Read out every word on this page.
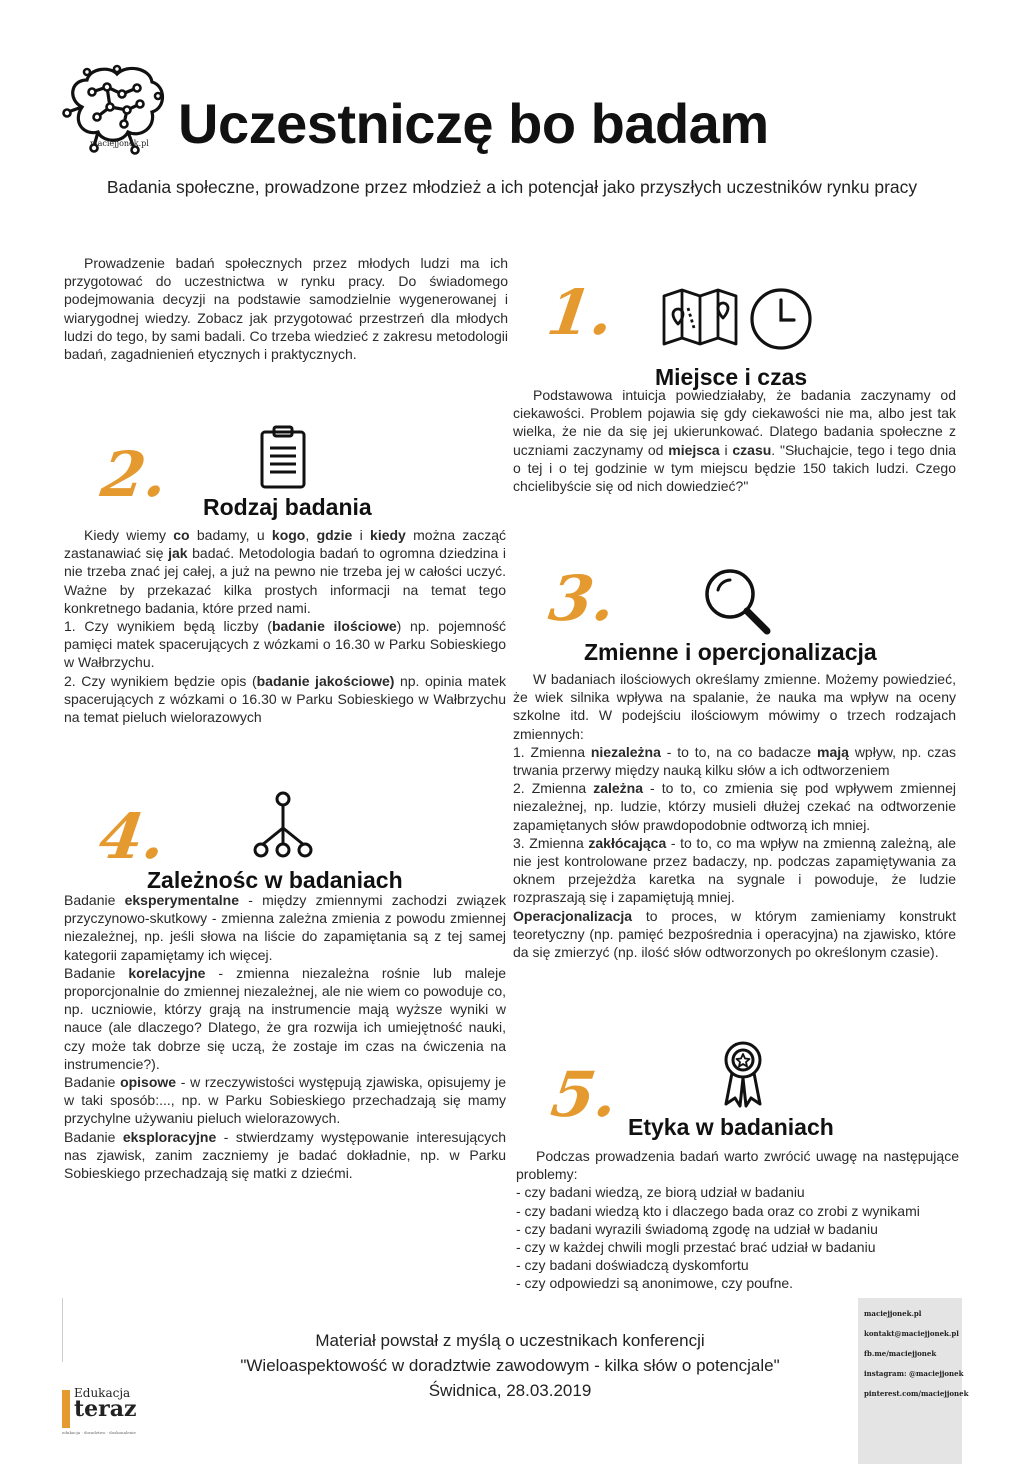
maciejjonek.pl Uczestniczę bo badam
Badania społeczne, prowadzone przez młodzież a ich potencjał jako przyszłych uczestników rynku pracy

Prowadzenie badań społecznych przez młodych ludzi ma ich przygotować do uczestnictwa w rynku pracy. Do świadomego podejmowania decyzji na podstawie samodzielnie wygenerowanej i wiarygodnej wiedzy. Zobacz jak przygotować przestrzeń dla młodych ludzi do tego, by sami badali. Co trzeba wiedzieć z zakresu metodologii badań, zagadnienień etycznych i praktycznych.

1.
Miejsce i czas

Podstawowa intuicja powiedziałaby, że badania zaczynamy od ciekawości. Problem pojawia się gdy ciekawości nie ma, albo jest tak wielka, że nie da się jej ukierunkować. Dlatego badania społeczne z uczniami zaczynamy od miejsca i czasu. "Słuchajcie, tego i tego dnia o tej i o tej godzinie w tym miejscu będzie 150 takich ludzi. Czego chcielibyście się od nich dowiedzieć?"

2. Rodzaj badania

Kiedy wiemy co badamy, u kogo, gdzie i kiedy można zacząć zastanawiać się jak badać. Metodologia badań to ogromna dziedzina i nie trzeba znać jej całej, a już na pewno nie trzeba jej w całości uczyć. Ważne by przekazać kilka prostych informacji na temat tego konkretnego badania, które przed nami.

1. Czy wynikiem będą liczby (badanie ilościowe) np. pojemność pamięci matek spacerujących z wózkami o 16.30 w Parku Sobieskiego w Wałbrzychu.

2. Czy wynikiem będzie opis (badanie jakościowe) np. opinia matek spacerujących z wózkami o 16.30 w Parku Sobieskiego w Wałbrzychu na temat pieluch wielorazowych

3.
Zmienne i opercjonalizacja

W badaniach ilościowych określamy zmienne. Możemy powiedzieć, że wiek silnika wpływa na spalanie, że nauka ma wpływ na oceny szkolne itd. W podejściu ilościowym mówimy o trzech rodzajach zmiennych:

1. Zmienna niezależna - to to, na co badacze mają wpływ, np. czas trwania przerwy między nauką kilku słów a ich odtworzeniem

2. Zmienna zależna - to to, co zmienia się pod wpływem zmiennej niezależnej, np. ludzie, którzy musieli dłużej czekać na odtworzenie zapamiętanych słów prawdopodobnie odtworzą ich mniej.

3. Zmienna zakłócająca - to to, co ma wpływ na zmienną zależną, ale nie jest kontrolowane przez badaczy, np. podczas zapamiętywania za oknem przejeżdża karetka na sygnale i powoduje, że ludzie rozpraszają się i zapamiętują mniej.

Operacjonalizacja to proces, w którym zamieniamy konstrukt teoretyczny (np. pamięć bezpośrednia i operacyjna) na zjawisko, które da się zmierzyć (np. ilość słów odtworzonych po określonym czasie).

4.
Zależnośc w badaniach

Badanie eksperymentalne - między zmiennymi zachodzi związek przyczynowo-skutkowy - zmienna zależna zmienia z powodu zmiennej niezależnej, np. jeśli słowa na liście do zapamiętania są z tej samej kategorii zapamiętamy ich więcej.

Badanie korelacyjne - zmienna niezależna rośnie lub maleje proporcjonalnie do zmiennej niezależnej, ale nie wiem co powoduje co, np. uczniowie, którzy grają na instrumencie mają wyższe wyniki w nauce (ale dlaczego? Dlatego, że gra rozwija ich umiejętność nauki, czy może tak dobrze się uczą, że zostaje im czas na ćwiczenia na instrumencie?).

Badanie opisowe - w rzeczywistości występują zjawiska, opisujemy je w taki sposób:..., np. w Parku Sobieskiego przechadzają się mamy przychylne używaniu pieluch wielorazowych.

Badanie eksploracyjne - stwierdzamy występowanie interesujących nas zjawisk, zanim zaczniemy je badać dokładnie, np. w Parku Sobieskiego przechadzają się matki z dziećmi.

5. Etyka w badaniach

Podczas prowadzenia badań warto zwrócić uwagę na następujące problemy:

- czy badani wiedzą, ze biorą udział w badaniu
- czy badani wiedzą kto i dlaczego bada oraz co zrobi z wynikami
- czy badani wyrazili świadomą zgodę na udział w badaniu
- czy w każdej chwili mogli przestać brać udział w badaniu
- czy badani doświadczą dyskomfortu
- czy odpowiedzi są anonimowe, czy poufne.
Edukacja
teraz
edukacja · doradztwo · doskonalenie
Materiał powstał z myślą o uczestnikach konferencji
"Wieloaspektowość w doradztwie zawodowym - kilka słów o potencjale"
Świdnica, 28.03.2019
maciejjonek.pl
kontakt@maciejjonek.pl
fb.me/maciejjonek
instagram: @maciejjonek
pinterest.com/maciejjonek
